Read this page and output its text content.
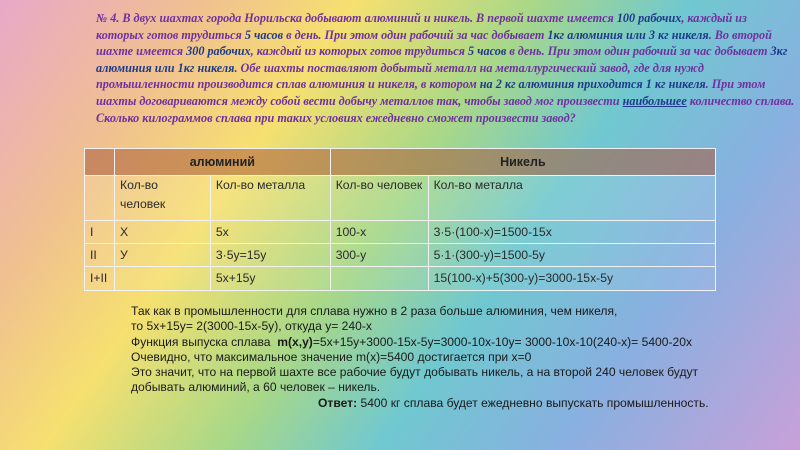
№ 4. В двух шахтах города Норильска добывают алюминий и никель. В первой шахте имеется 100 рабочих, каждый из которых готов трудиться 5 часов в день. При этом один рабочий за час добывает 1кг алюминия или 3 кг никеля. Во второй шахте имеется 300 рабочих, каждый из которых готов трудиться 5 часов в день. При этом один рабочий за час добывает 3кг алюминия или 1кг никеля. Обе шахты поставляют добытый металл на металлургический завод, где для нужд промышленности производится сплав алюминия и никеля, в котором на 2 кг алюминия приходится 1 кг никеля. При этом шахты договариваются между собой вести добычу металлов так, чтобы завод мог произвести наибольшее количество сплава. Сколько килограммов сплава при таких условиях ежедневно сможет произвести завод?

	алюминий		Никель	
	Кол-во человек	Кол-во металла	Кол-во человек	Кол-во металла
I	X	5x	100-x	3·5·(100-x)=1500-15x
II	У	3·5у=15у	300-у	5·1·(300-у)=1500-5у
I+II		5x+15у		15(100-x)+5(300-у)=3000-15x-5у
Так как в промышленности для сплава нужно в 2 раза больше алюминия, чем никеля,
то 5x+15y= 2(3000-15x-5y), откуда y= 240-x
Функция выпуска сплава m(x,y)=5x+15y+3000-15x-5y=3000-10x-10y= 3000-10x-10(240-x)= 5400-20x
Очевидно, что максимальное значение m(x)=5400 достигается при x=0
Это значит, что на первой шахте все рабочие будут добывать никель, а на второй 240 человек будут
добывать алюминий, а 60 человек – никель.
Ответ: 5400 кг сплава будет ежедневно выпускать промышленность.
